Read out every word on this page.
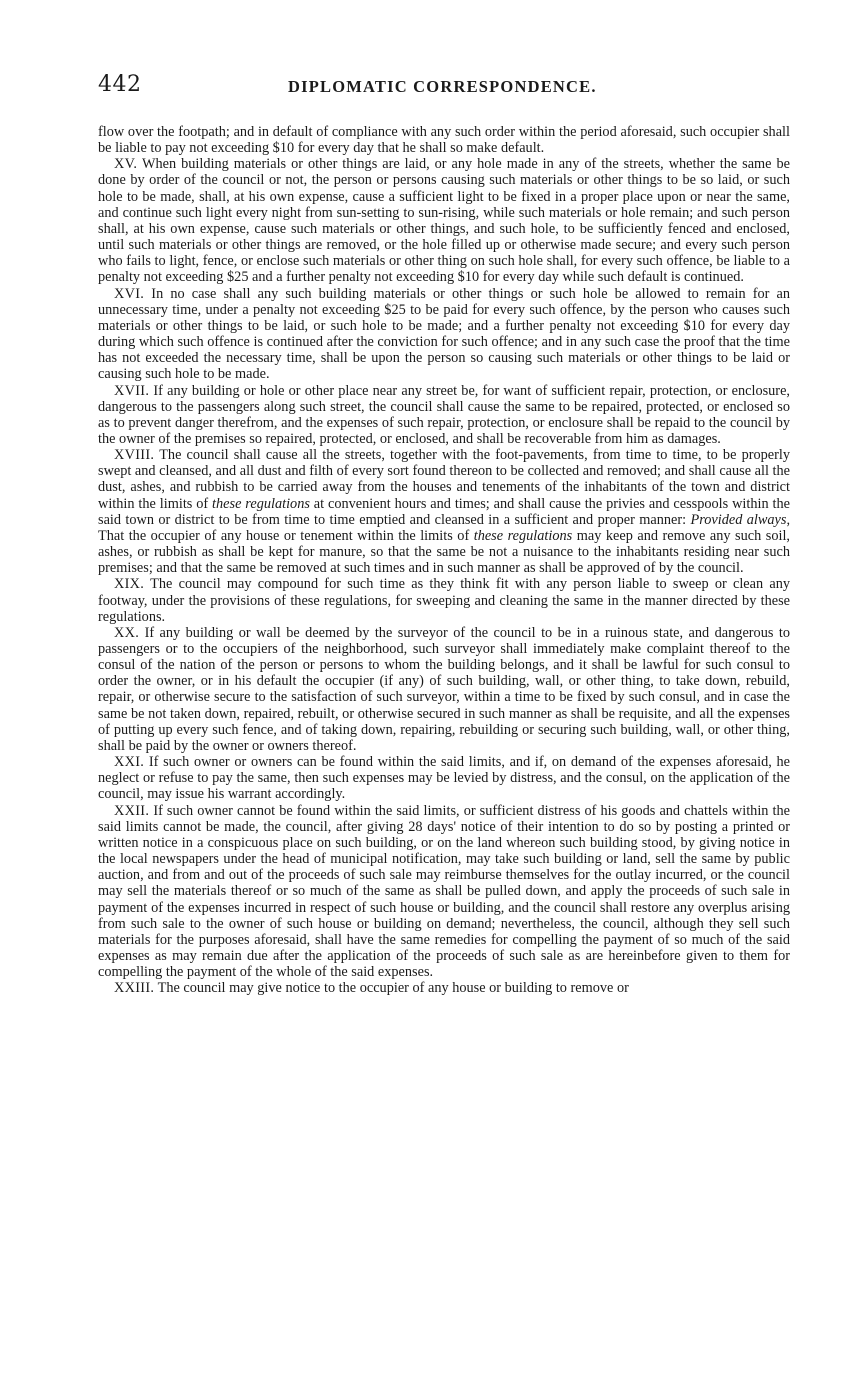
442	DIPLOMATIC CORRESPONDENCE.

flow over the footpath; and in default of compliance with any such order within the period aforesaid, such occupier shall be liable to pay not exceeding $10 for every day that he shall so make default.

XV. When building materials or other things are laid, or any hole made in any of the streets, whether the same be done by order of the council or not, the person or persons causing such materials or other things to be so laid, or such hole to be made, shall, at his own expense, cause a sufficient light to be fixed in a proper place upon or near the same, and continue such light every night from sun-setting to sun-rising, while such materials or hole remain; and such person shall, at his own expense, cause such materials or other things, and such hole, to be sufficiently fenced and enclosed, until such materials or other things are removed, or the hole filled up or otherwise made secure; and every such person who fails to light, fence, or enclose such materials or other thing on such hole shall, for every such offence, be liable to a penalty not exceeding $25 and a further penalty not exceeding $10 for every day while such default is continued.

XVI. In no case shall any such building materials or other things or such hole be allowed to remain for an unnecessary time, under a penalty not exceeding $25 to be paid for every such offence, by the person who causes such materials or other things to be laid, or such hole to be made; and a further penalty not exceeding $10 for every day during which such offence is continued after the conviction for such offence; and in any such case the proof that the time has not exceeded the necessary time, shall be upon the person so causing such materials or other things to be laid or causing such hole to be made.

XVII. If any building or hole or other place near any street be, for want of sufficient repair, protection, or enclosure, dangerous to the passengers along such street, the council shall cause the same to be repaired, protected, or enclosed so as to prevent danger therefrom, and the expenses of such repair, protection, or enclosure shall be repaid to the council by the owner of the premises so repaired, protected, or enclosed, and shall be recoverable from him as damages.

XVIII. The council shall cause all the streets, together with the foot-pavements, from time to time, to be properly swept and cleansed, and all dust and filth of every sort found thereon to be collected and removed; and shall cause all the dust, ashes, and rubbish to be carried away from the houses and tenements of the inhabitants of the town and district within the limits of these regulations at convenient hours and times; and shall cause the privies and cesspools within the said town or district to be from time to time emptied and cleansed in a sufficient and proper manner: Provided always, That the occupier of any house or tenement within the limits of these regulations may keep and remove any such soil, ashes, or rubbish as shall be kept for manure, so that the same be not a nuisance to the inhabitants residing near such premises; and that the same be removed at such times and in such manner as shall be approved of by the council.

XIX. The council may compound for such time as they think fit with any person liable to sweep or clean any footway, under the provisions of these regulations, for sweeping and cleaning the same in the manner directed by these regulations.

XX. If any building or wall be deemed by the surveyor of the council to be in a ruinous state, and dangerous to passengers or to the occupiers of the neighborhood, such surveyor shall immediately make complaint thereof to the consul of the nation of the person or persons to whom the building belongs, and it shall be lawful for such consul to order the owner, or in his default the occupier (if any) of such building, wall, or other thing, to take down, rebuild, repair, or otherwise secure to the satisfaction of such surveyor, within a time to be fixed by such consul, and in case the same be not taken down, repaired, rebuilt, or otherwise secured in such manner as shall be requisite, and all the expenses of putting up every such fence, and of taking down, repairing, rebuilding or securing such building, wall, or other thing, shall be paid by the owner or owners thereof.

XXI. If such owner or owners can be found within the said limits, and if, on demand of the expenses aforesaid, he neglect or refuse to pay the same, then such expenses may be levied by distress, and the consul, on the application of the council, may issue his warrant accordingly.

XXII. If such owner cannot be found within the said limits, or sufficient distress of his goods and chattels within the said limits cannot be made, the council, after giving 28 days' notice of their intention to do so by posting a printed or written notice in a conspicuous place on such building, or on the land whereon such building stood, by giving notice in the local newspapers under the head of municipal notification, may take such building or land, sell the same by public auction, and from and out of the proceeds of such sale may reimburse themselves for the outlay incurred, or the council may sell the materials thereof or so much of the same as shall be pulled down, and apply the proceeds of such sale in payment of the expenses incurred in respect of such house or building, and the council shall restore any overplus arising from such sale to the owner of such house or building on demand; nevertheless, the council, although they sell such materials for the purposes aforesaid, shall have the same remedies for compelling the payment of so much of the said expenses as may remain due after the application of the proceeds of such sale as are hereinbefore given to them for compelling the payment of the whole of the said expenses.

XXIII. The council may give notice to the occupier of any house or building to remove or
